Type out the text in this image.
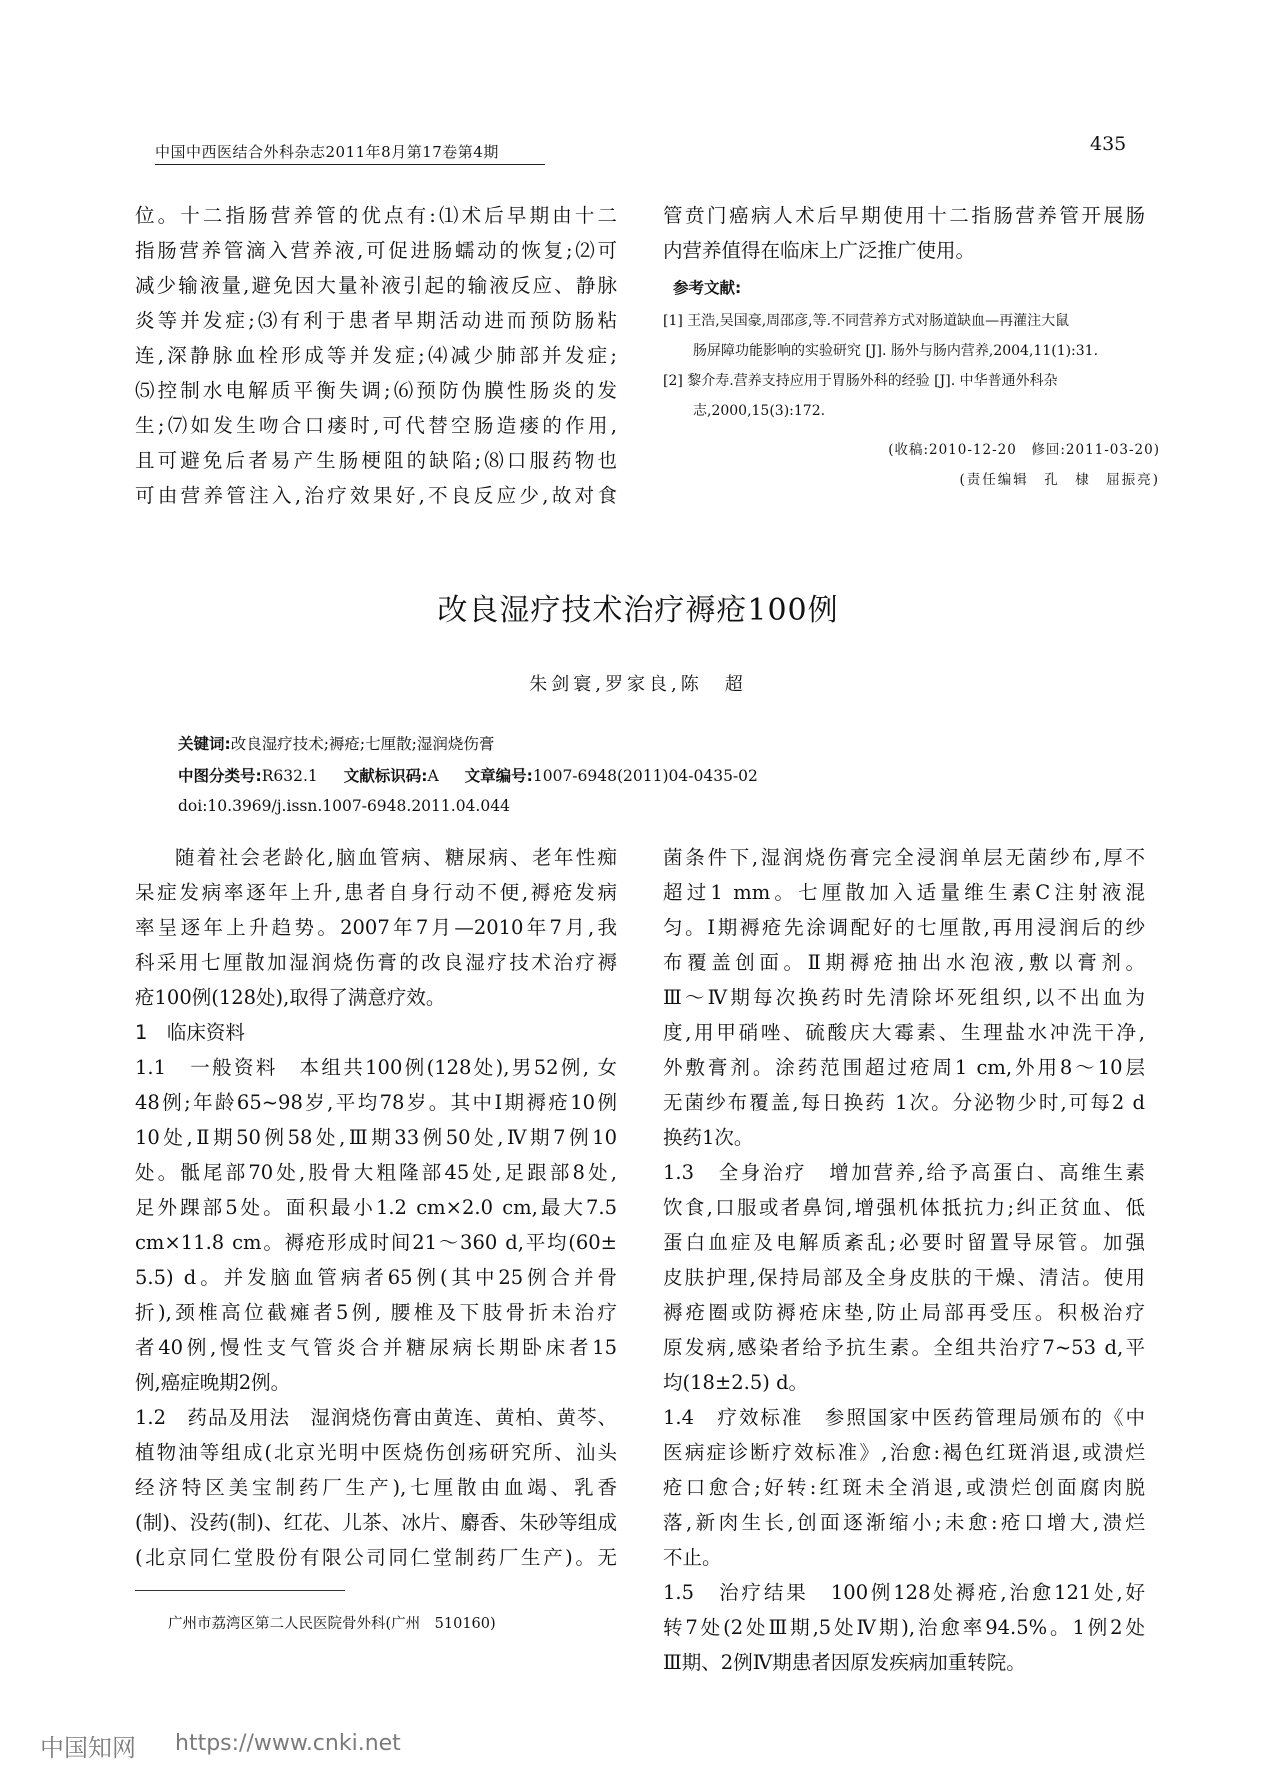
中国中西医结合外科杂志2011年8月第17卷第4期	435
位。十二指肠营养管的优点有:⑴术后早期由十二
指肠营养管滴入营养液,可促进肠蠕动的恢复;⑵可
减少输液量,避免因大量补液引起的输液反应、静脉
炎等并发症;⑶有利于患者早期活动进而预防肠粘
连,深静脉血栓形成等并发症;⑷减少肺部并发症;
⑸控制水电解质平衡失调;⑹预防伪膜性肠炎的发
生;⑺如发生吻合口瘘时,可代替空肠造瘘的作用,
且可避免后者易产生肠梗阻的缺陷;⑻口服药物也
可由营养管注入,治疗效果好,不良反应少,故对食
管贲门癌病人术后早期使用十二指肠营养管开展肠
内营养值得在临床上广泛推广使用。
参考文献:
[1] 王浩,吴国豪,周邵彦,等.不同营养方式对肠道缺血—再灌注大鼠
肠屏障功能影响的实验研究 [J]. 肠外与肠内营养,2004,11(1):31.
[2] 黎介寿.营养支持应用于胃肠外科的经验 [J]. 中华普通外科杂
志,2000,15(3):172.
(收稿:2010-12-20　修回:2011-03-20)
(责任编辑　孔　棣　屈振亮)
改良湿疗技术治疗褥疮100例
朱剑寰,罗家良,陈　超
关键词:改良湿疗技术;褥疮;七厘散;湿润烧伤膏
中图分类号:R632.1 文献标识码:A 文章编号:1007-6948(2011)04-0435-02
doi:10.3969/j.issn.1007-6948.2011.04.044
随着社会老龄化,脑血管病、糖尿病、老年性痴
呆症发病率逐年上升,患者自身行动不便,褥疮发病
率呈逐年上升趋势。2007年7月—2010年7月,我
科采用七厘散加湿润烧伤膏的改良湿疗技术治疗褥
疮100例(128处),取得了满意疗效。
1　临床资料
1.1　一般资料　本组共100例(128处),男52例, 女
48例;年龄65~98岁,平均78岁。其中Ⅰ期褥疮10例
10处,Ⅱ期50例58处,Ⅲ期33例50处,Ⅳ期7例10
处。骶尾部70处,股骨大粗隆部45处,足跟部8处,
足外踝部5处。面积最小1.2 cm×2.0 cm,最大7.5
cm×11.8 cm。褥疮形成时间21～360 d,平均(60±
5.5) d。并发脑血管病者65例(其中25例合并骨
折),颈椎高位截瘫者5例, 腰椎及下肢骨折未治疗
者40例,慢性支气管炎合并糖尿病长期卧床者15
例,癌症晚期2例。
1.2　药品及用法　湿润烧伤膏由黄连、黄柏、黄芩、
植物油等组成(北京光明中医烧伤创疡研究所、汕头
经济特区美宝制药厂生产),七厘散由血竭、乳香
(制)、没药(制)、红花、儿茶、冰片、麝香、朱砂等组成
(北京同仁堂股份有限公司同仁堂制药厂生产)。无
菌条件下,湿润烧伤膏完全浸润单层无菌纱布,厚不
超过1 mm。七厘散加入适量维生素C注射液混
匀。Ⅰ期褥疮先涂调配好的七厘散,再用浸润后的纱
布覆盖创面。Ⅱ期褥疮抽出水泡液,敷以膏剂。
Ⅲ～Ⅳ期每次换药时先清除坏死组织,以不出血为
度,用甲硝唑、硫酸庆大霉素、生理盐水冲洗干净,
外敷膏剂。涂药范围超过疮周1 cm,外用8～10层
无菌纱布覆盖,每日换药 1次。分泌物少时,可每2 d
换药1次。
1.3　全身治疗　增加营养,给予高蛋白、高维生素
饮食,口服或者鼻饲,增强机体抵抗力;纠正贫血、低
蛋白血症及电解质紊乱;必要时留置导尿管。加强
皮肤护理,保持局部及全身皮肤的干燥、清洁。使用
褥疮圈或防褥疮床垫,防止局部再受压。积极治疗
原发病,感染者给予抗生素。全组共治疗7~53 d,平
均(18±2.5) d。
1.4　疗效标准　参照国家中医药管理局颁布的《中
医病症诊断疗效标准》,治愈:褐色红斑消退,或溃烂
疮口愈合;好转:红斑未全消退,或溃烂创面腐肉脱
落,新肉生长,创面逐渐缩小;未愈:疮口增大,溃烂
不止。
1.5　治疗结果　100例128处褥疮,治愈121处,好
转7处(2处Ⅲ期,5处Ⅳ期),治愈率94.5%。1例2处
Ⅲ期、2例Ⅳ期患者因原发疾病加重转院。
广州市荔湾区第二人民医院骨外科(广州　510160)
中国知网 https://www.cnki.net
